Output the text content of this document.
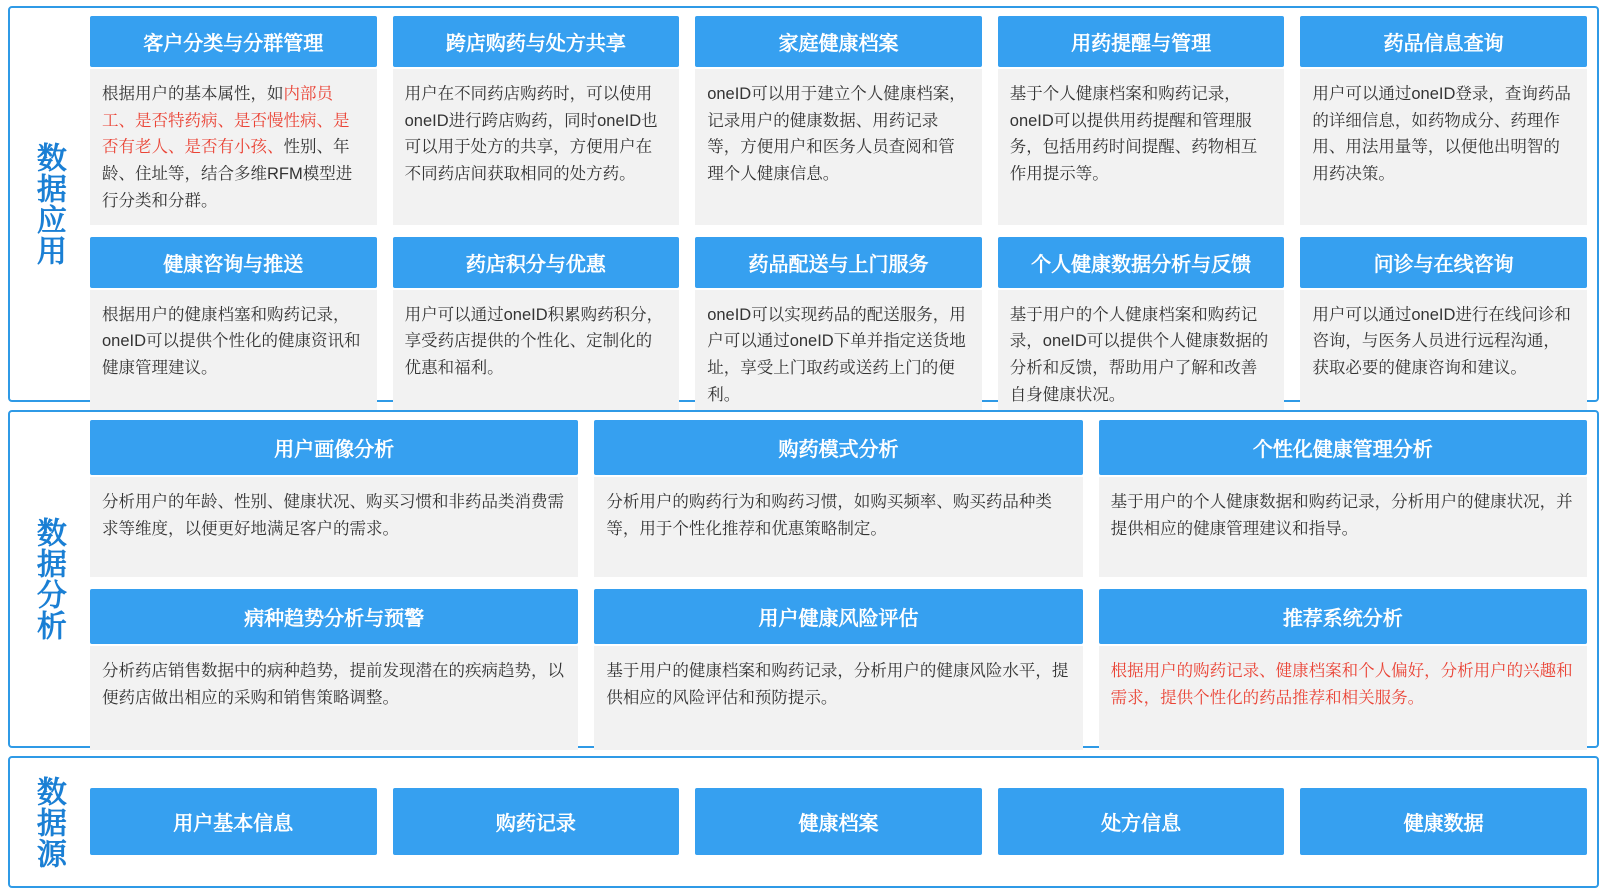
数据应用
客户分类与分群管理
根据用户的基本属性，如内部员工、是否特药病、是否慢性病、是否有老人、是否有小孩、性别、年龄、住址等，结合多维RFM模型进行分类和分群。
跨店购药与处方共享
用户在不同药店购药时，可以使用oneID进行跨店购药，同时oneID也可以用于处方的共享，方便用户在不同药店间获取相同的处方药。
家庭健康档案
oneID可以用于建立个人健康档案，记录用户的健康数据、用药记录等，方便用户和医务人员查阅和管理个人健康信息。
用药提醒与管理
基于个人健康档案和购药记录，oneID可以提供用药提醒和管理服务，包括用药时间提醒、药物相互作用提示等。
药品信息查询
用户可以通过oneID登录，查询药品的详细信息，如药物成分、药理作用、用法用量等，以便他出明智的用药决策。
健康咨询与推送
根据用户的健康档塞和购药记录，oneID可以提供个性化的健康资讯和健康管理建议。
药店积分与优惠
用户可以通过oneID积累购药积分，享受药店提供的个性化、定制化的优惠和福利。
药品配送与上门服务
oneID可以实现药品的配送服务，用户可以通过oneID下单并指定送货地址，享受上门取药或送药上门的便利。
个人健康数据分析与反馈
基于用户的个人健康档案和购药记录，oneID可以提供个人健康数据的分析和反馈，帮助用户了解和改善自身健康状况。
问诊与在线咨询
用户可以通过oneID进行在线问诊和咨询，与医务人员进行远程沟通，获取必要的健康咨询和建议。
数据分析
用户画像分析
分析用户的年龄、性别、健康状况、购买习惯和非药品类消费需求等维度，以便更好地满足客户的需求。
购药模式分析
分析用户的购药行为和购药习惯，如购买频率、购买药品种类等，用于个性化推荐和优惠策略制定。
个性化健康管理分析
基于用户的个人健康数据和购药记录，分析用户的健康状况，并提供相应的健康管理建议和指导。
病种趋势分析与预警
分析药店销售数据中的病种趋势，提前发现潜在的疾病趋势，以便药店做出相应的采购和销售策略调整。
用户健康风险评估
基于用户的健康档案和购药记录，分析用户的健康风险水平，提供相应的风险评估和预防提示。
推荐系统分析
根据用户的购药记录、健康档案和个人偏好，分析用户的兴趣和需求，提供个性化的药品推荐和相关服务。
数据源	用户基本信息	购药记录	健康档案	处方信息	健康数据
